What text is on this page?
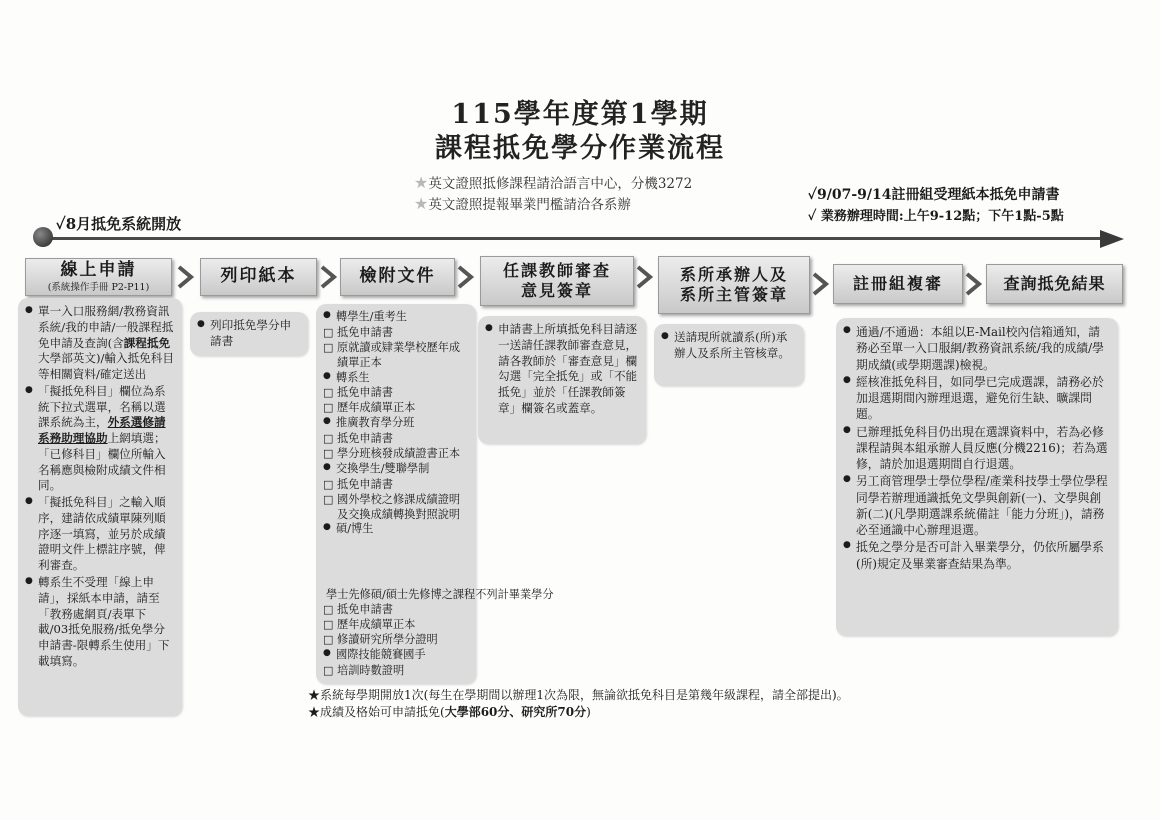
115學年度第1學期
課程抵免學分作業流程
★英文證照抵修課程請洽語言中心，分機3272
★英文證照提報畢業門檻請洽各系辦
✓9/07-9/14註冊組受理紙本抵免申請書
✓ 業務辦理時間:上午9-12點；下午1點-5點
✓8月抵免系統開放
線上申請
(系統操作手冊 P2-P11)
列印紙本	檢附文件	任課教師審查
意見簽章
系所承辦人及
系所主管簽章
註冊組複審	查詢抵免結果
● 單一入口服務網/教務資訊系統/我的申請/一般課程抵免申請及查詢(含課程抵免大學部英文)/輸入抵免科目等相關資料/確定送出
● 「擬抵免科目」欄位為系統下拉式選單，名稱以選課系統為主，外系選修請系務助理協助上網填選；「已修科目」欄位所輸入名稱應與檢附成績文件相同。
● 「擬抵免科目」之輸入順序，建請依成績單陳列順序逐一填寫，並另於成績證明文件上標註序號，俾利審查。
● 轉系生不受理「線上申請」，採紙本申請，請至「教務處網頁/表單下載/03抵免服務/抵免學分申請書-限轉系生使用」下載填寫。
● 列印抵免學分申請書
● 轉學生/重考生
□ 抵免申請書
□ 原就讀或肄業學校歷年成績單正本
● 轉系生
□ 抵免申請書
□ 歷年成績單正本
● 推廣教育學分班
□ 抵免申請書
□ 學分班核發成績證書正本
● 交換學生/雙聯學制
□ 抵免申請書
□ 國外學校之修課成績證明及交換成績轉換對照說明
● 碩/博生
學士先修碩/碩士先修博之課程不列計畢業學分
□ 抵免申請書
□ 歷年成績單正本
□ 修讀研究所學分證明
● 國際技能競賽國手
□ 培訓時數證明
● 申請書上所填抵免科目請逐一送請任課教師審查意見，請各教師於「審查意見」欄勾選「完全抵免」或「不能抵免」並於「任課教師簽章」欄簽名或蓋章。
● 送請現所就讀系(所)承辦人及系所主管核章。
● 通過/不通過：本組以E-Mail校內信箱通知，請務必至單一入口服網/教務資訊系統/我的成績/學期成績(或學期選課)檢視。
● 經核准抵免科目，如同學已完成選課，請務必於加退選期間內辦理退選，避免衍生缺、曠課問題。
● 已辦理抵免科目仍出現在選課資料中，若為必修課程請與本組承辦人員反應(分機2216)；若為選修，請於加退選期間自行退選。
● 另工商管理學士學位學程/產業科技學士學位學程同學若辦理通識抵免文學與創新(一)、文學與創新(二)(凡學期選課系統備註「能力分班」)，請務必至通識中心辦理退選。
● 抵免之學分是否可計入畢業學分，仍依所屬學系(所)規定及畢業審查結果為準。
★系統每學期開放1次(每生在學期間以辦理1次為限，無論欲抵免科目是第幾年級課程，請全部提出)。
★成績及格始可申請抵免(大學部60分、研究所70分)
